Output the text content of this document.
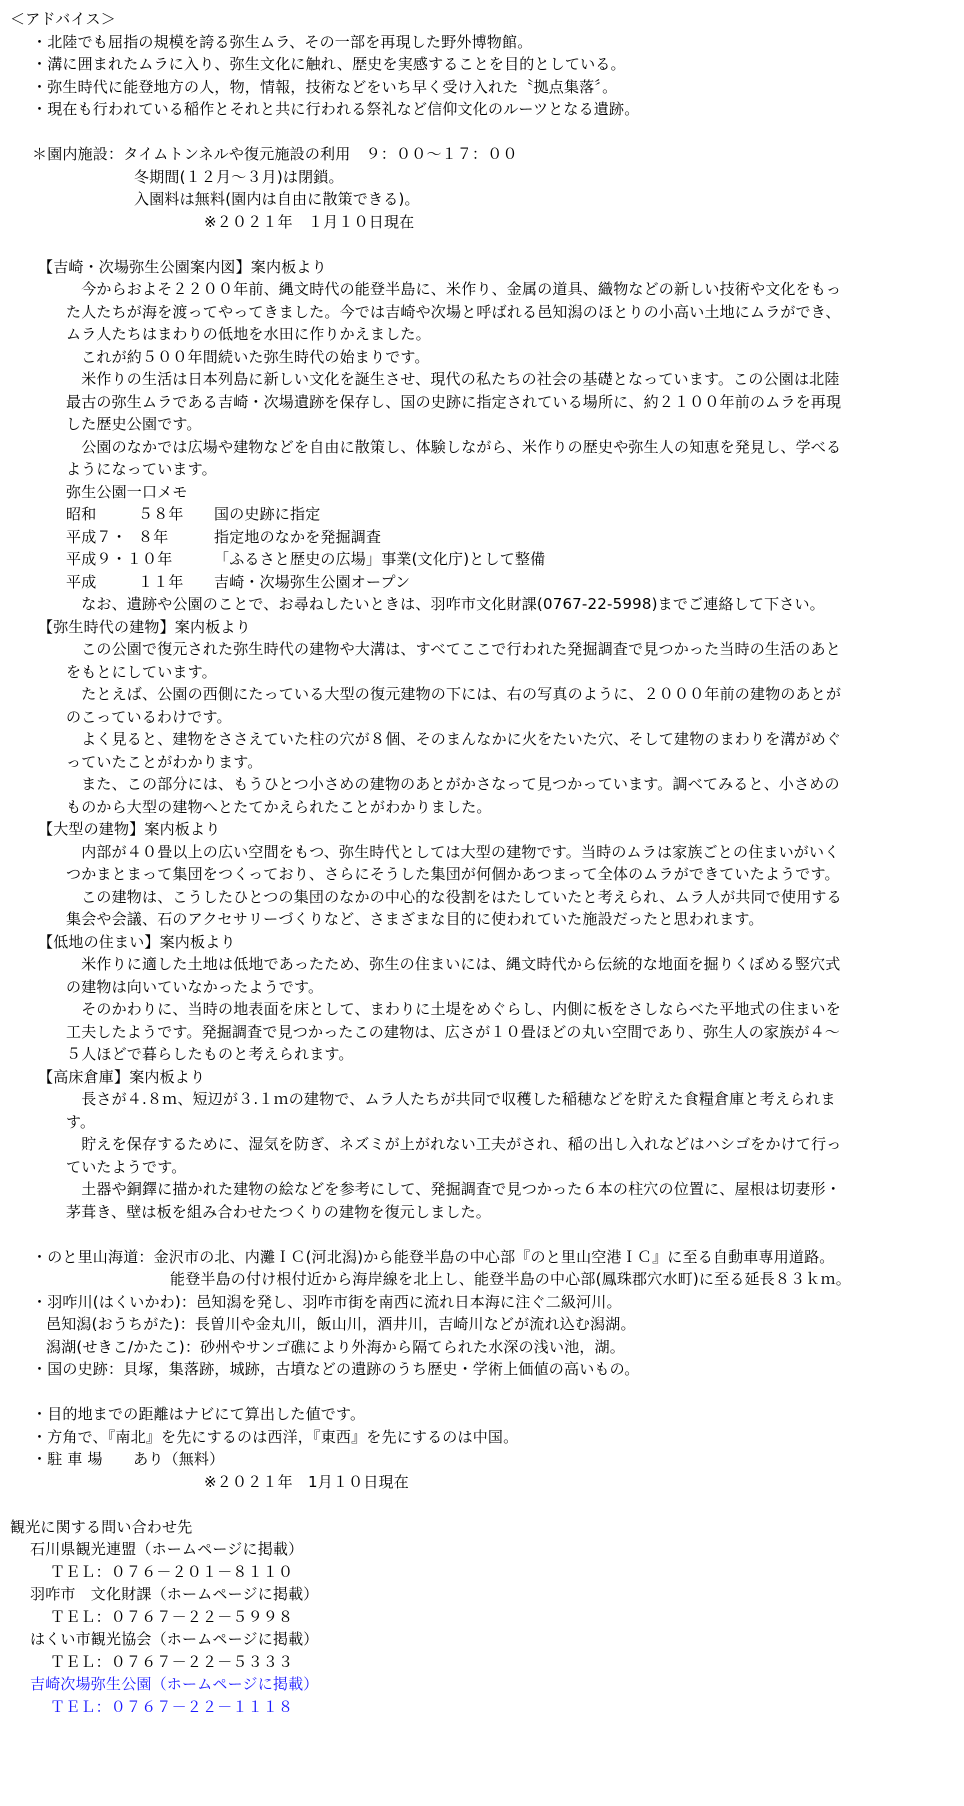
＜アドバイス＞
・北陸でも屈指の規模を誇る弥生ムラ、その一部を再現した野外博物館。
・溝に囲まれたムラに入り、弥生文化に触れ、歴史を実感することを目的としている。
・弥生時代に能登地方の人，物，情報，技術などをいち早く受け入れた〝拠点集落〞。
・現在も行われている稲作とそれと共に行われる祭礼など信仰文化のルーツとなる遺跡。
＊園内施設：タイムトンネルや復元施設の利用　９：００～１７：００
冬期間(１２月～３月)は閉鎖。
入園料は無料(園内は自由に散策できる)。
※２０２１年　１月１０日現在
【吉崎・次場弥生公園案内図】案内板より
　今からおよそ２２００年前、縄文時代の能登半島に、米作り、金属の道具、織物などの新しい技術や文化をもっ
た人たちが海を渡ってやってきました。今では吉崎や次場と呼ばれる邑知潟のほとりの小高い土地にムラができ、
ムラ人たちはまわりの低地を水田に作りかえました。
　これが約５００年間続いた弥生時代の始まりです。
　米作りの生活は日本列島に新しい文化を誕生させ、現代の私たちの社会の基礎となっています。この公園は北陸
最古の弥生ムラである吉崎・次場遺跡を保存し、国の史跡に指定されている場所に、約２１００年前のムラを再現
した歴史公園です。
　公園のなかでは広場や建物などを自由に散策し、体験しながら、米作りの歴史や弥生人の知恵を発見し、学べる
ようになっています。
弥生公園一口メモ
昭和	５８年 国の史跡に指定
平成７・ ８年	指定地のなかを発掘調査
平成９・１０年	「ふるさと歴史の広場」事業(文化庁)として整備
平成	１１年 吉崎・次場弥生公園オープン
　なお、遺跡や公園のことで、お尋ねしたいときは、羽咋市文化財課(0767-22-5998)までご連絡して下さい。
【弥生時代の建物】案内板より
　この公園で復元された弥生時代の建物や大溝は、すべてここで行われた発掘調査で見つかった当時の生活のあと
をもとにしています。
　たとえば、公園の西側にたっている大型の復元建物の下には、右の写真のように、２０００年前の建物のあとが
のこっているわけです。
　よく見ると、建物をささえていた柱の穴が８個、そのまんなかに火をたいた穴、そして建物のまわりを溝がめぐ
っていたことがわかります。
　また、この部分には、もうひとつ小さめの建物のあとがかさなって見つかっています。調べてみると、小さめの
ものから大型の建物へとたてかえられたことがわかりました。
【大型の建物】案内板より
　内部が４０畳以上の広い空間をもつ、弥生時代としては大型の建物です。当時のムラは家族ごとの住まいがいく
つかまとまって集団をつくっており、さらにそうした集団が何個かあつまって全体のムラができていたようです。
　この建物は、こうしたひとつの集団のなかの中心的な役割をはたしていたと考えられ、ムラ人が共同で使用する
集会や会議、石のアクセサリーづくりなど、さまざまな目的に使われていた施設だったと思われます。
【低地の住まい】案内板より
　米作りに適した土地は低地であったため、弥生の住まいには、縄文時代から伝統的な地面を掘りくぼめる竪穴式
の建物は向いていなかったようです。
　そのかわりに、当時の地表面を床として、まわりに土堤をめぐらし、内側に板をさしならべた平地式の住まいを
工夫したようです。発掘調査で見つかったこの建物は、広さが１０畳ほどの丸い空間であり、弥生人の家族が４～
５人ほどで暮らしたものと考えられます。
【高床倉庫】案内板より
　長さが４.８ｍ、短辺が３.１ｍの建物で、ムラ人たちが共同で収穫した稲穂などを貯えた食糧倉庫と考えられま
す。
　貯えを保存するために、湿気を防ぎ、ネズミが上がれない工夫がされ、稲の出し入れなどはハシゴをかけて行っ
ていたようです。
　土器や銅鐸に描かれた建物の絵などを参考にして、発掘調査で見つかった６本の柱穴の位置に、屋根は切妻形・
茅葺き、壁は板を組み合わせたつくりの建物を復元しました。
・のと里山海道：金沢市の北、内灘ＩＣ(河北潟)から能登半島の中心部『のと里山空港ＩＣ』に至る自動車専用道路。
能登半島の付け根付近から海岸線を北上し、能登半島の中心部(鳳珠郡穴水町)に至る延長８３ｋｍ。
・羽咋川(はくいかわ)：邑知潟を発し、羽咋市街を南西に流れ日本海に注ぐ二級河川。
邑知潟(おうちがた)：長曽川や金丸川，飯山川，酒井川，吉崎川などが流れ込む潟湖。
潟湖(せきこ/かたこ)：砂州やサンゴ礁により外海から隔てられた水深の浅い池，湖。
・国の史跡：貝塚，集落跡，城跡，古墳などの遺跡のうち歴史・学術上価値の高いもの。
・目的地までの距離はナビにて算出した値です。
・方角で、『南北』を先にするのは西洋，『東西』を先にするのは中国。
・駐 車 場　　あり（無料）
※２０２１年　1月１０日現在
観光に関する問い合わせ先
石川県観光連盟（ホームページに掲載）
ＴＥＬ：０７６－２０１－８１１０
羽咋市　文化財課（ホームページに掲載）
ＴＥＬ：０７６７－２２－５９９８
はくい市観光協会（ホームページに掲載）
ＴＥＬ：０７６７－２２－５３３３
吉崎次場弥生公園（ホームページに掲載）
ＴＥＬ：０７６７－２２－１１１８
